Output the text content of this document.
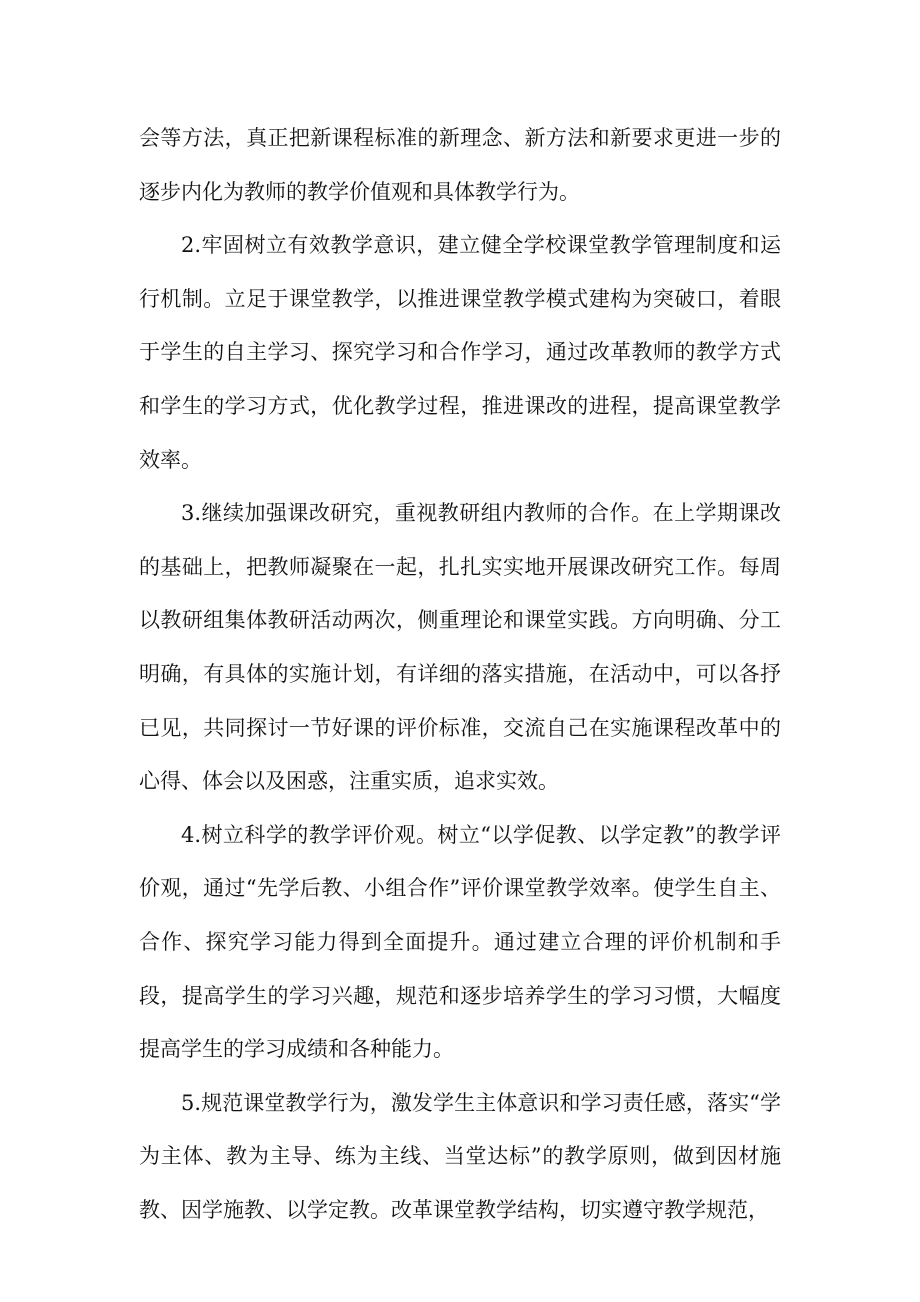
会等方法，真正把新课程标准的新理念、新方法和新要求更进一步的逐步内化为教师的教学价值观和具体教学行为。

2.牢固树立有效教学意识，建立健全学校课堂教学管理制度和运行机制。立足于课堂教学，以推进课堂教学模式建构为突破口，着眼于学生的自主学习、探究学习和合作学习，通过改革教师的教学方式和学生的学习方式，优化教学过程，推进课改的进程，提高课堂教学效率。

3.继续加强课改研究，重视教研组内教师的合作。在上学期课改的基础上，把教师凝聚在一起，扎扎实实地开展课改研究工作。每周以教研组集体教研活动两次，侧重理论和课堂实践。方向明确、分工明确，有具体的实施计划，有详细的落实措施，在活动中，可以各抒已见，共同探讨一节好课的评价标准，交流自己在实施课程改革中的心得、体会以及困惑，注重实质，追求实效。

4.树立科学的教学评价观。树立“以学促教、以学定教”的教学评价观，通过“先学后教、小组合作”评价课堂教学效率。使学生自主、合作、探究学习能力得到全面提升。通过建立合理的评价机制和手段，提高学生的学习兴趣，规范和逐步培养学生的学习习惯，大幅度提高学生的学习成绩和各种能力。

5.规范课堂教学行为，激发学生主体意识和学习责任感，落实“学为主体、教为主导、练为主线、当堂达标”的教学原则，做到因材施教、因学施教、以学定教。改革课堂教学结构，切实遵守教学规范，
